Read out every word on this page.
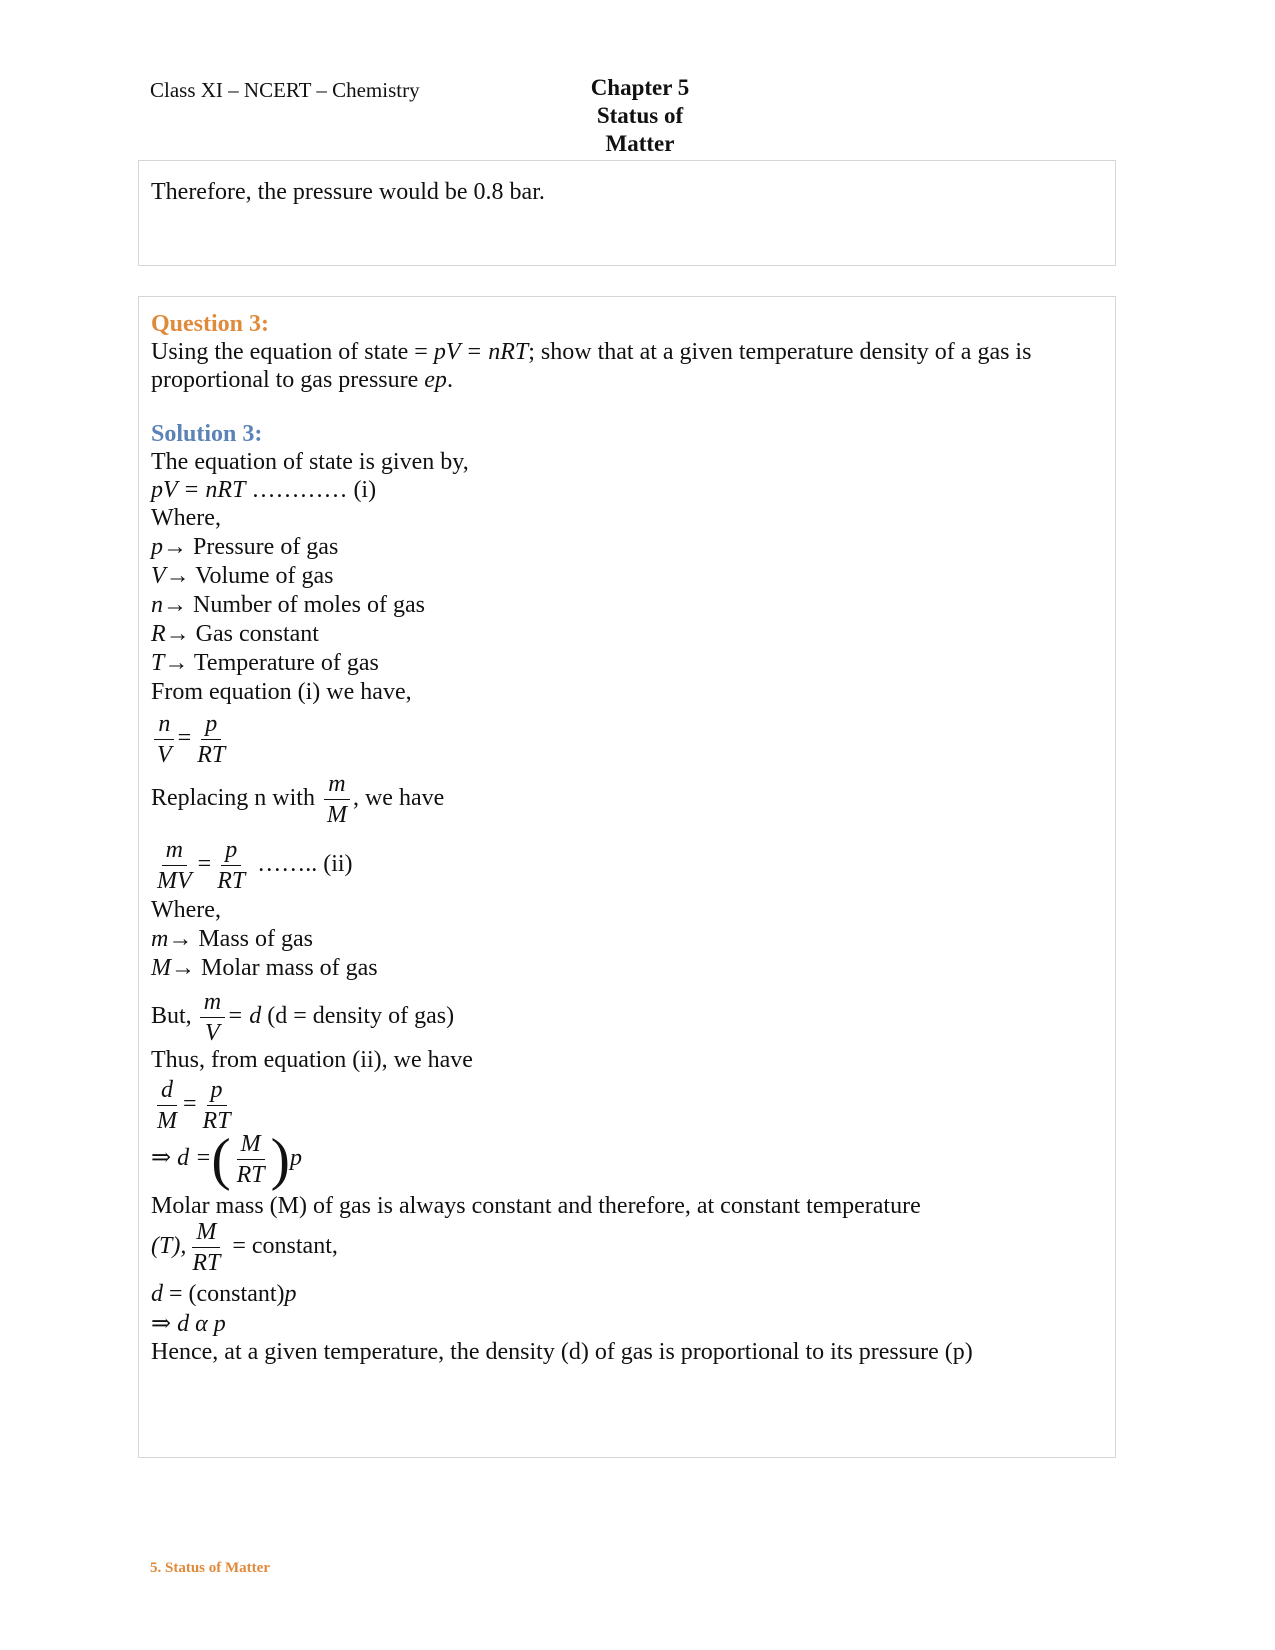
Class XI – NCERT – Chemistry	Chapter 5
Status of Matter
Therefore, the pressure would be 0.8 bar.
Question 3:
Using the equation of state = pV = nRT; show that at a given temperature density of a gas is
proportional to gas pressure ep.
Solution 3:
The equation of state is given by,
pV = nRT ………… (i)
Where,
p→ Pressure of gas
V→ Volume of gas
n→ Number of moles of gas
R→ Gas constant
T→ Temperature of gas
From equation (i) we have,
$\frac{n}{V} = \frac{p}{RT}$
Replacing n with $\frac{m}{M}$ , we have
$\frac{m}{MV} = \frac{p}{RT}$ …….. (ii)
Where,
m→ Mass of gas
M→ Molar mass of gas
But, $\frac{m}{V} = d$ (d = density of gas)
Thus, from equation (ii), we have
$\frac{d}{M} = \frac{p}{RT}$
⇒ d =( $\frac{M}{RT} )p$
Molar mass (M) of gas is always constant and therefore, at constant temperature
(T), $\frac{M}{RT}$ = constant,
d = (constant)p
⇒ d α p
Hence, at a given temperature, the density (d) of gas is proportional to its pressure (p)
5. Status of Matter
